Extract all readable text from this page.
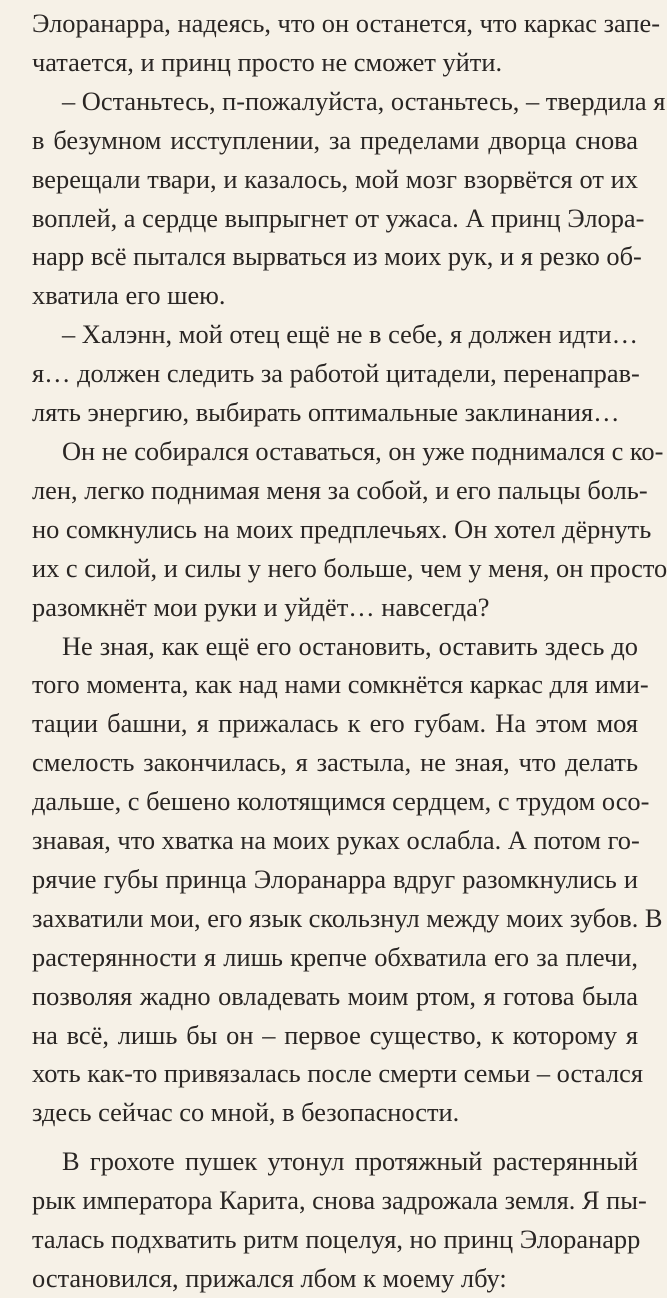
Элоранарра, надеясь, что он останется, что каркас запе-
чатается, и принц просто не сможет уйти.

– Останьтесь, п-пожалуйста, останьтесь, – твердила я
в безумном исступлении, за пределами дворца снова
верещали твари, и казалось, мой мозг взорвётся от их
воплей, а сердце выпрыгнет от ужаса. А принц Элора-
нарр всё пытался вырваться из моих рук, и я резко об-
хватила его шею.

– Халэнн, мой отец ещё не в себе, я должен идти…
я… должен следить за работой цитадели, перенаправ-
лять энергию, выбирать оптимальные заклинания…

Он не собирался оставаться, он уже поднимался с ко-
лен, легко поднимая меня за собой, и его пальцы боль-
но сомкнулись на моих предплечьях. Он хотел дёрнуть
их с силой, и силы у него больше, чем у меня, он просто
разомкнёт мои руки и уйдёт… навсегда?

Не зная, как ещё его остановить, оставить здесь до
того момента, как над нами сомкнётся каркас для ими-
тации башни, я прижалась к его губам. На этом моя
смелость закончилась, я застыла, не зная, что делать
дальше, с бешено колотящимся сердцем, с трудом осо-
знавая, что хватка на моих руках ослабла. А потом го-
рячие губы принца Элоранарра вдруг разомкнулись и
захватили мои, его язык скользнул между моих зубов. В
растерянности я лишь крепче обхватила его за плечи,
позволяя жадно овладевать моим ртом, я готова была
на всё, лишь бы он – первое существо, к которому я
хоть как-то привязалась после смерти семьи – остался
здесь сейчас со мной, в безопасности.

В грохоте пушек утонул протяжный растерянный
рык императора Карита, снова задрожала земля. Я пы-
талась подхватить ритм поцелуя, но принц Элоранарр
остановился, прижался лбом к моему лбу:
